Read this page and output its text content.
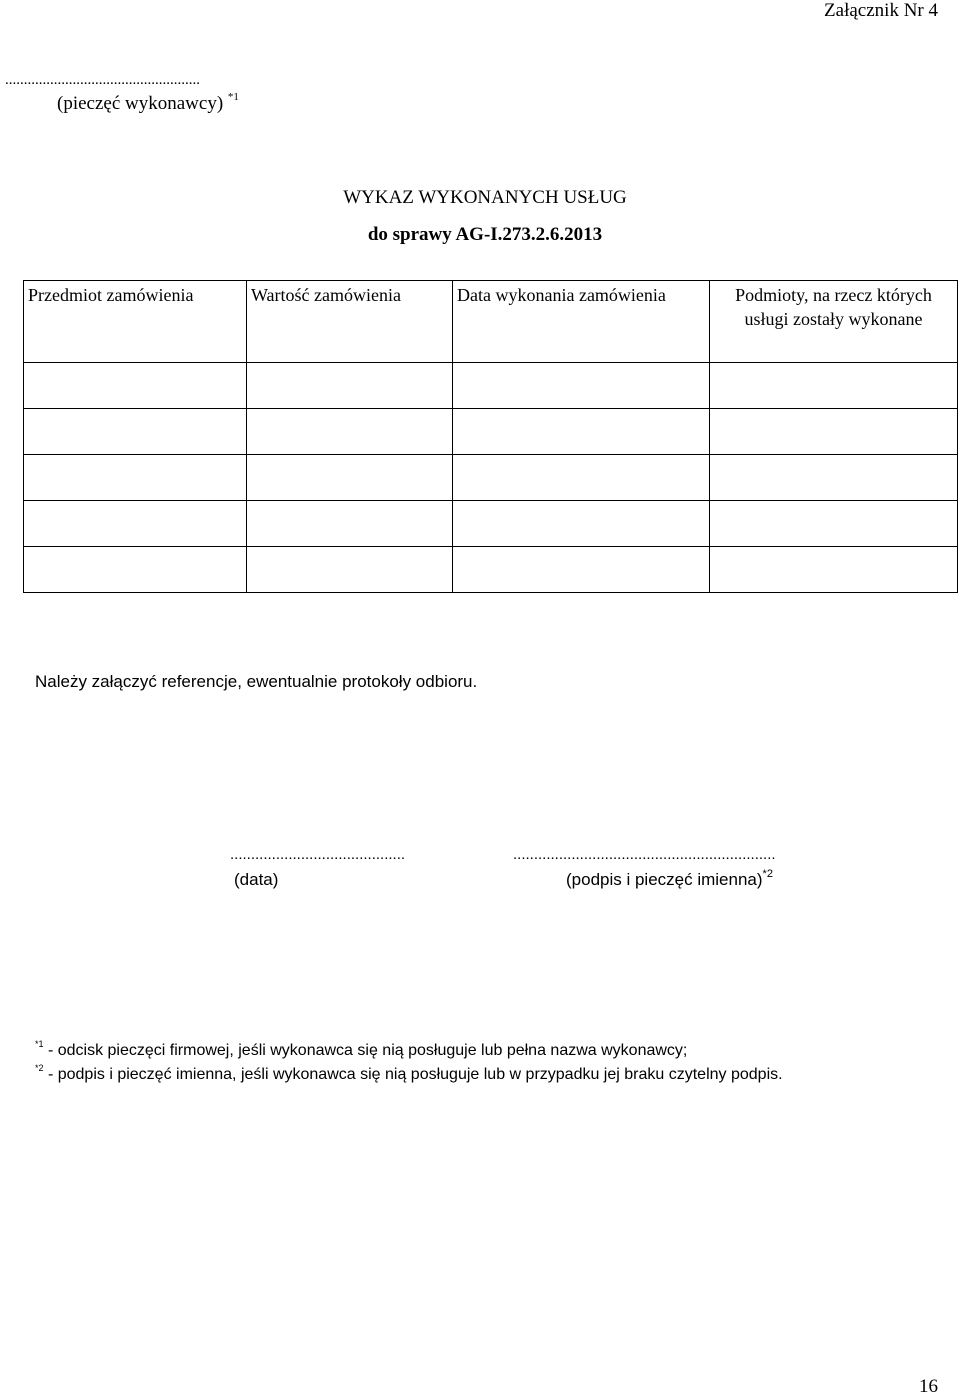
Załącznik Nr 4
....................................................
(pieczęć wykonawcy) $^{*1}$
WYKAZ WYKONANYCH USŁUG
do sprawy AG-I.273.2.6.2013
Przedmiot zamówienia	Wartość zamówienia	Data wykonania zamówienia	Podmioty, na rzecz których usługi zostały wykonane

Należy załączyć referencje, ewentualnie protokoły odbioru.
..........................................	...............................................................
(data)	(podpis i pieczęć imienna)$^{*2}$
$^{*1}$ - odcisk pieczęci firmowej, jeśli wykonawca się nią posługuje lub pełna nazwa wykonawcy;
$^{*2}$ - podpis i pieczęć imienna, jeśli wykonawca się nią posługuje lub w przypadku jej braku czytelny podpis.
16
